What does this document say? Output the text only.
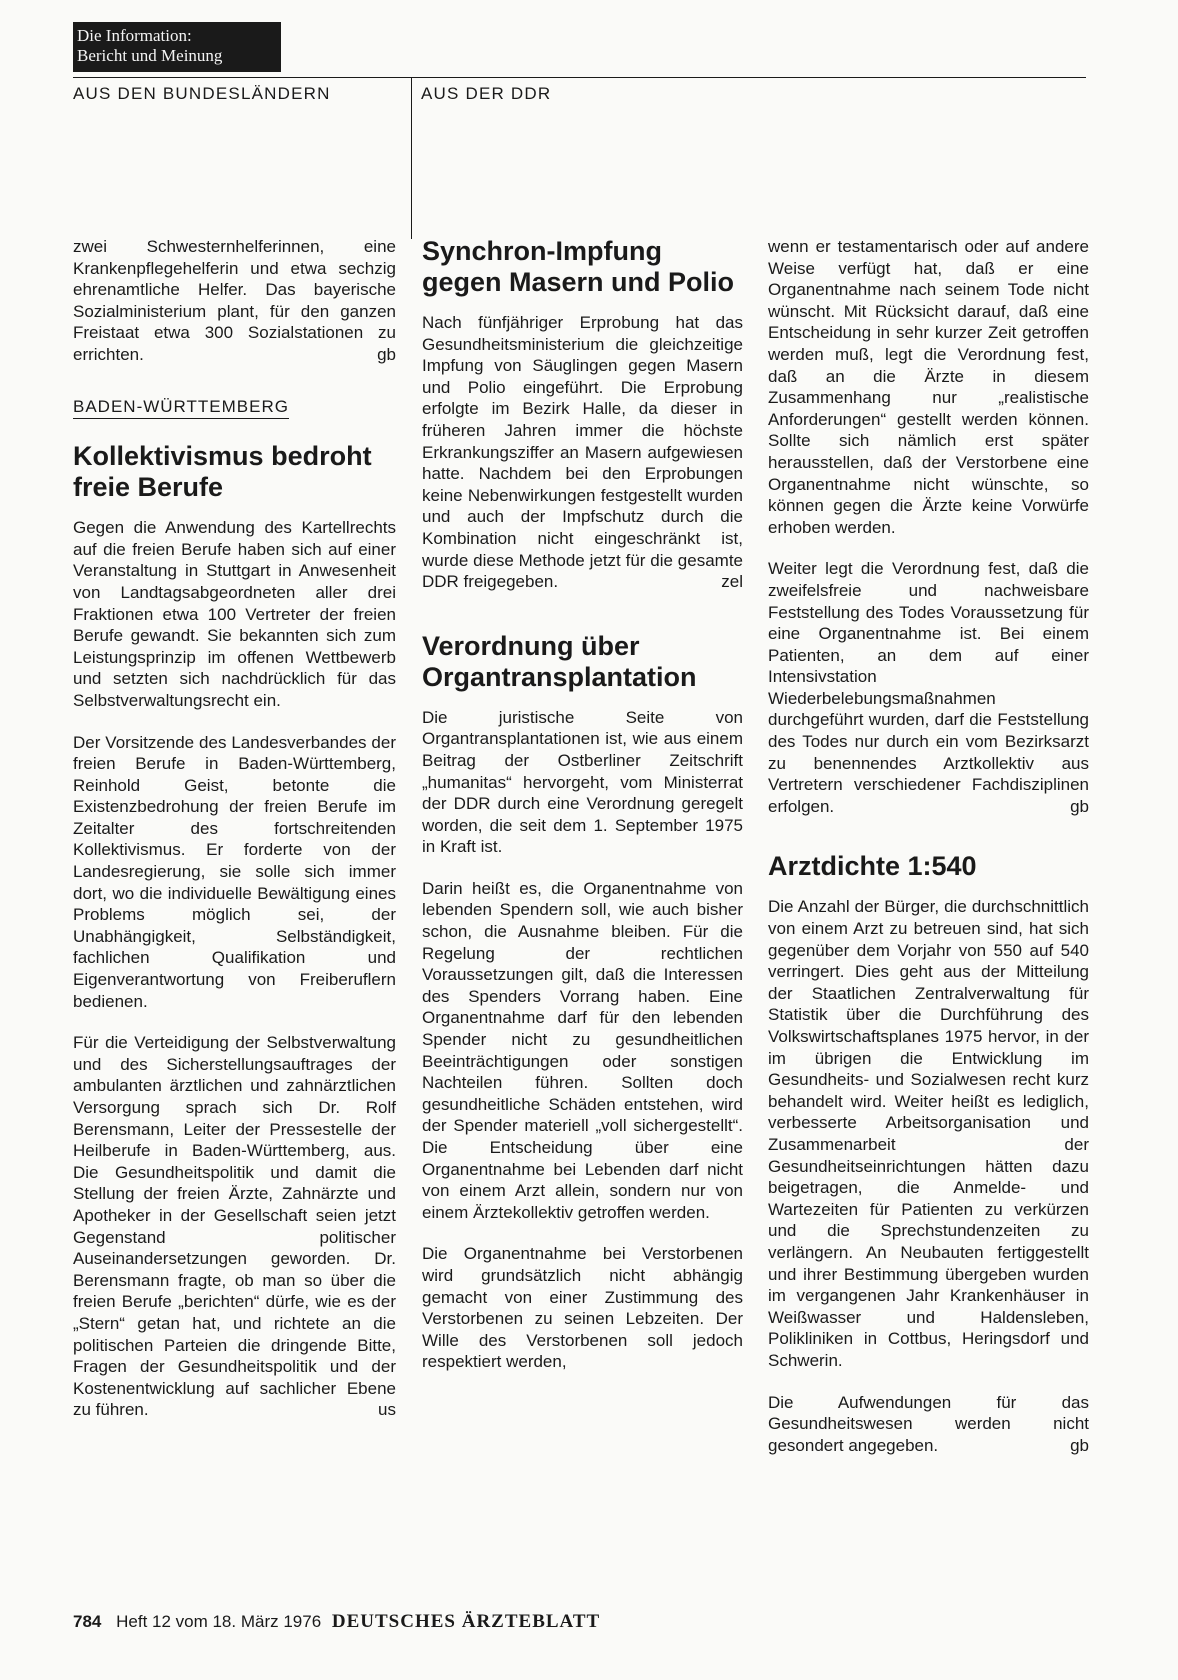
Die Information:
Bericht und Meinung
AUS DEN BUNDESLÄNDERN	AUS DER DDR

zwei Schwesternhelferinnen, eine Krankenpflegehelferin und etwa sechzig ehrenamtliche Helfer. Das bayerische Sozialministerium plant, für den ganzen Freistaat etwa 300 Sozialstationen zu errichten.	gb

BADEN-WÜRTTEMBERG
Kollektivismus bedroht freie Berufe

Gegen die Anwendung des Kartellrechts auf die freien Berufe haben sich auf einer Veranstaltung in Stuttgart in Anwesenheit von Landtagsabgeordneten aller drei Fraktionen etwa 100 Vertreter der freien Berufe gewandt. Sie bekannten sich zum Leistungsprinzip im offenen Wettbewerb und setzten sich nachdrücklich für das Selbstverwaltungsrecht ein.

Der Vorsitzende des Landesverbandes der freien Berufe in Baden-Württemberg, Reinhold Geist, betonte die Existenzbedrohung der freien Berufe im Zeitalter des fortschreitenden Kollektivismus. Er forderte von der Landesregierung, sie solle sich immer dort, wo die individuelle Bewältigung eines Problems möglich sei, der Unabhängigkeit, Selbständigkeit, fachlichen Qualifikation und Eigenverantwortung von Freiberuflern bedienen.

Für die Verteidigung der Selbstverwaltung und des Sicherstellungsauftrages der ambulanten ärztlichen und zahnärztlichen Versorgung sprach sich Dr. Rolf Berensmann, Leiter der Pressestelle der Heilberufe in Baden-Württemberg, aus. Die Gesundheitspolitik und damit die Stellung der freien Ärzte, Zahnärzte und Apotheker in der Gesellschaft seien jetzt Gegenstand politischer Auseinandersetzungen geworden. Dr. Berensmann fragte, ob man so über die freien Berufe „berichten“ dürfe, wie es der „Stern“ getan hat, und richtete an die politischen Parteien die dringende Bitte, Fragen der Gesundheitspolitik und der Kostenentwicklung auf sachlicher Ebene zu führen.	us

Synchron-Impfung gegen Masern und Polio

Nach fünfjähriger Erprobung hat das Gesundheitsministerium die gleichzeitige Impfung von Säuglingen gegen Masern und Polio eingeführt. Die Erprobung erfolgte im Bezirk Halle, da dieser in früheren Jahren immer die höchste Erkrankungsziffer an Masern aufgewiesen hatte. Nachdem bei den Erprobungen keine Nebenwirkungen festgestellt wurden und auch der Impfschutz durch die Kombination nicht eingeschränkt ist, wurde diese Methode jetzt für die gesamte DDR freigegeben.	zel

Verordnung über Organtransplantation

Die juristische Seite von Organtransplantationen ist, wie aus einem Beitrag der Ostberliner Zeitschrift „humanitas“ hervorgeht, vom Ministerrat der DDR durch eine Verordnung geregelt worden, die seit dem 1. September 1975 in Kraft ist.

Darin heißt es, die Organentnahme von lebenden Spendern soll, wie auch bisher schon, die Ausnahme bleiben. Für die Regelung der rechtlichen Voraussetzungen gilt, daß die Interessen des Spenders Vorrang haben. Eine Organentnahme darf für den lebenden Spender nicht zu gesundheitlichen Beeinträchtigungen oder sonstigen Nachteilen führen. Sollten doch gesundheitliche Schäden entstehen, wird der Spender materiell „voll sichergestellt“. Die Entscheidung über eine Organentnahme bei Lebenden darf nicht von einem Arzt allein, sondern nur von einem Ärztekollektiv getroffen werden.

Die Organentnahme bei Verstorbenen wird grundsätzlich nicht abhängig gemacht von einer Zustimmung des Verstorbenen zu seinen Lebzeiten. Der Wille des Verstorbenen soll jedoch respektiert werden,

wenn er testamentarisch oder auf andere Weise verfügt hat, daß er eine Organentnahme nach seinem Tode nicht wünscht. Mit Rücksicht darauf, daß eine Entscheidung in sehr kurzer Zeit getroffen werden muß, legt die Verordnung fest, daß an die Ärzte in diesem Zusammenhang nur „realistische Anforderungen“ gestellt werden können. Sollte sich nämlich erst später herausstellen, daß der Verstorbene eine Organentnahme nicht wünschte, so können gegen die Ärzte keine Vorwürfe erhoben werden.

Weiter legt die Verordnung fest, daß die zweifelsfreie und nachweisbare Feststellung des Todes Voraussetzung für eine Organentnahme ist. Bei einem Patienten, an dem auf einer Intensivstation Wiederbelebungsmaßnahmen durchgeführt wurden, darf die Feststellung des Todes nur durch ein vom Bezirksarzt zu benennendes Arztkollektiv aus Vertretern verschiedener Fachdisziplinen erfolgen.	gb

Arztdichte 1:540

Die Anzahl der Bürger, die durchschnittlich von einem Arzt zu betreuen sind, hat sich gegenüber dem Vorjahr von 550 auf 540 verringert. Dies geht aus der Mitteilung der Staatlichen Zentralverwaltung für Statistik über die Durchführung des Volkswirtschaftsplanes 1975 hervor, in der im übrigen die Entwicklung im Gesundheits- und Sozialwesen recht kurz behandelt wird. Weiter heißt es lediglich, verbesserte Arbeitsorganisation und Zusammenarbeit der Gesundheitseinrichtungen hätten dazu beigetragen, die Anmelde- und Wartezeiten für Patienten zu verkürzen und die Sprechstundenzeiten zu verlängern. An Neubauten fertiggestellt und ihrer Bestimmung übergeben wurden im vergangenen Jahr Krankenhäuser in Weißwasser und Haldensleben, Polikliniken in Cottbus, Heringsdorf und Schwerin.

Die Aufwendungen für das Gesundheitswesen werden nicht gesondert angegeben.	gb

784 Heft 12 vom 18. März 1976 DEUTSCHES ÄRZTEBLATT
